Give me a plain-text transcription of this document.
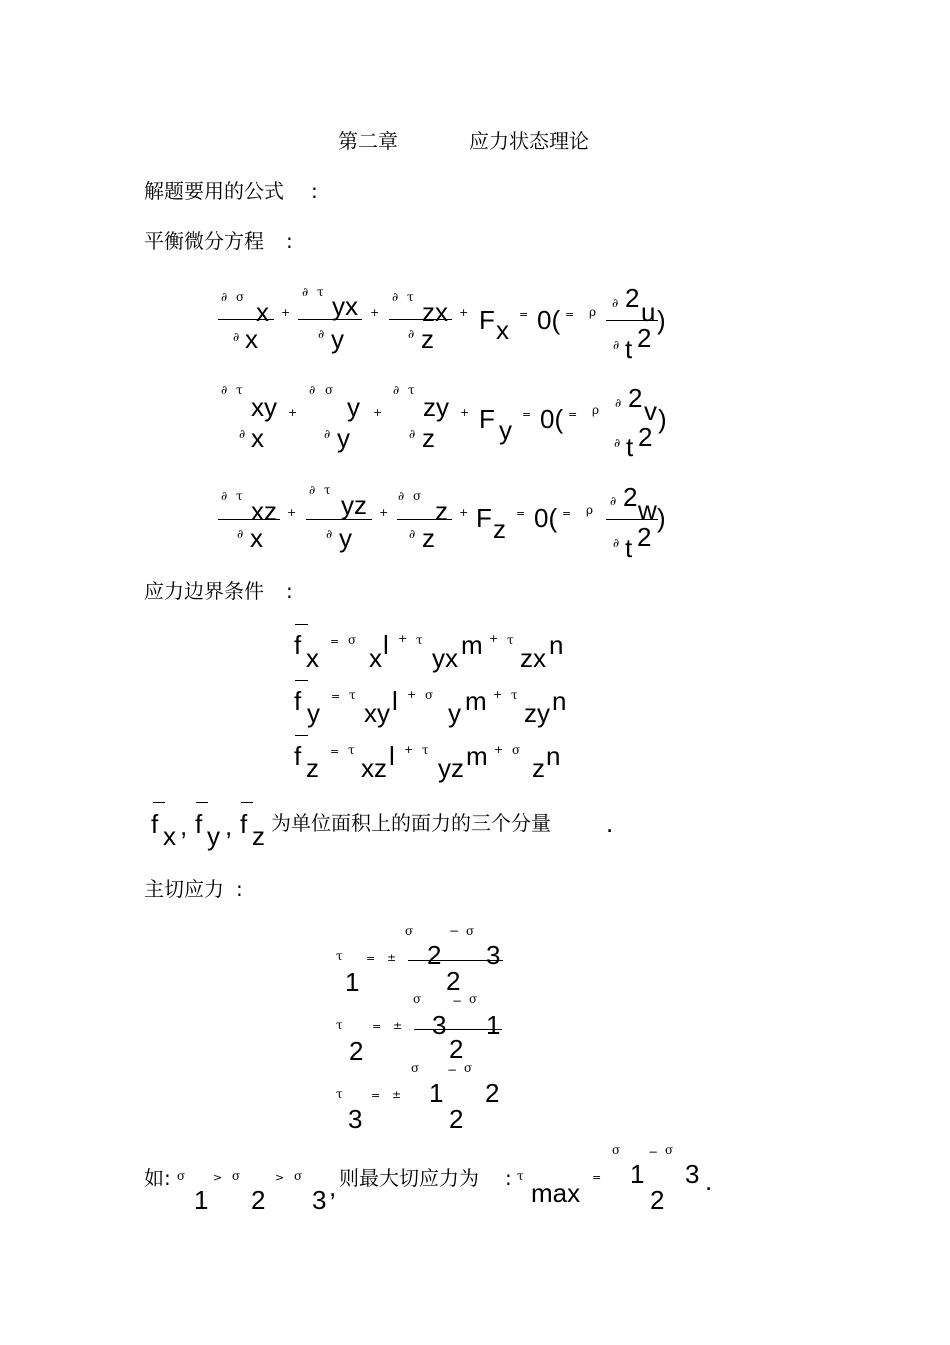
第二章	应力状态理论
解题要用的公式 :
平衡微分方程 :
∂ σ x
∂ x
+
∂ τ yx
∂ y
+
∂ τ zx
∂ z
+ F x
= 0( = ρ
∂ 2 u
∂ t 2
)
∂ τ
xy
∂ x
+
∂ σ
y
∂ y
+
∂ τ
zy
∂ z
+ F y
= 0( = ρ ∂ 2 v
∂ t 2
)
∂ τ xz
∂ x
+
∂ τ yz
∂ y
+
∂ σ z
∂ z
+ F z
= 0( = ρ
∂ 2 w
∂ t 2
)
应力边界条件 :
f x
= σ
x l + τ
yx m + τ
zx n
f y
= τ
xy l + σ
y m + τ
zy n
f z
= τ
xz l + τ
yz m + σ
z n
f x , f y , f z 为单位面积上的面力的三个分量 .
主切应力 :
τ
1
= ±
σ	− σ
2 3
2
τ
2
= ±
σ	− σ
3 1
2
τ
3
= ±
σ − σ
1 2
2
如: σ
1
> σ
2
> σ
3 , 则最大切应力为 : τ
max
=
σ − σ
1 3
2
.
